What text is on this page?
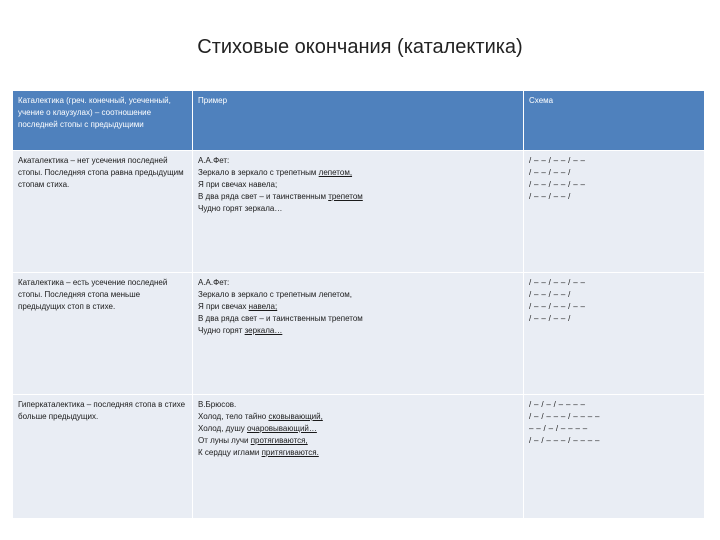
Стиховые окончания (каталектика)
Каталектика (греч. конечный, усеченный, учение о клаузулах) – соотношение последней стопы с предыдущими	Пример	Схема
Акаталектика – нет усечения последней стопы. Последняя стопа равна предыдущим стопам стиха.	А.А.Фет:
Зеркало в зеркало с трепетным лепетом,
Я при свечах навела;
В два ряда свет – и таинственным трепетом
Чудно горят зеркала…	/ – – / – – / – –
/ – – / – – /
/ – – / – – / – –
/ – – / – – /

Каталектика – есть усечение последней стопы. Последняя стопа меньше предыдущих стоп в стихе.	А.А.Фет:
Зеркало в зеркало с трепетным лепетом,
Я при свечах навела;
В два ряда свет – и таинственным трепетом
Чудно горят зеркала…	/ – – / – – / – –
/ – – / – – /
/ – – / – – / – –
/ – – / – – /

Гиперкаталектика – последняя стопа в стихе больше предыдущих.	В.Брюсов.
Холод, тело тайно сковывающий,
Холод, душу очаровывающий…
От луны лучи протягиваются,
К сердцу иглами притягиваются.	/ – / – / – – – –
/ – / – – – / – – – –
– – / – / – – – –
/ – / – – – / – – – –
